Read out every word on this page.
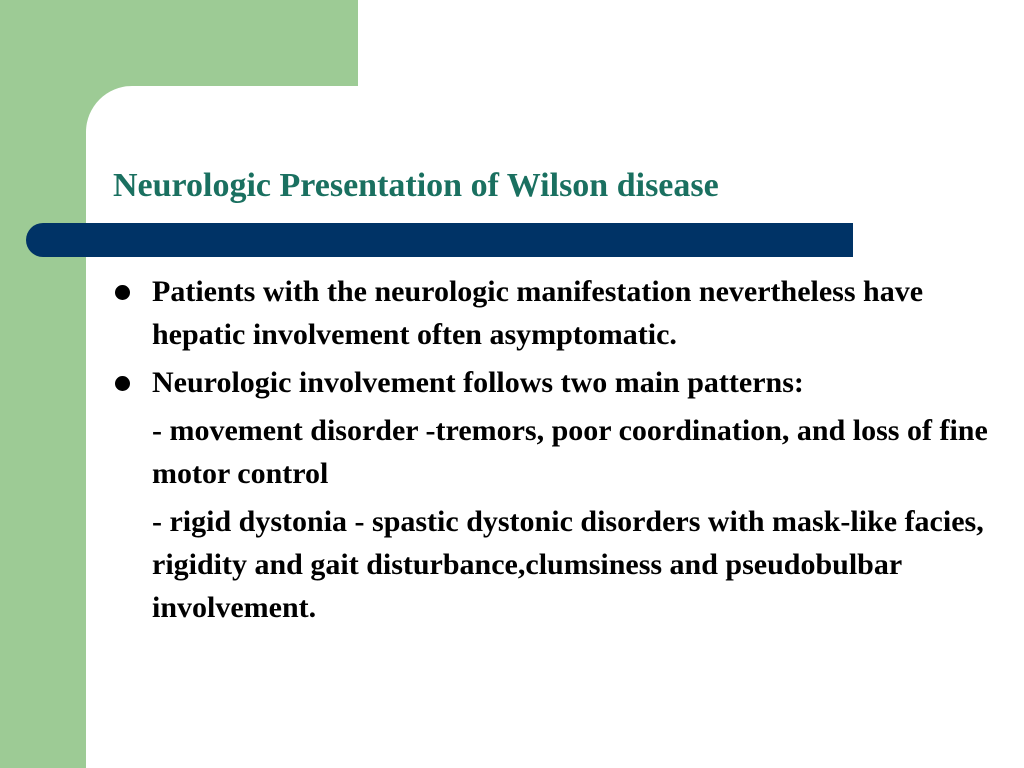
Neurologic Presentation of Wilson disease
Patients with the neurologic manifestation nevertheless have hepatic involvement often asymptomatic.
Neurologic involvement follows two main patterns:
- movement disorder -tremors, poor coordination, and loss of fine motor control
- rigid dystonia - spastic dystonic disorders with mask-like facies, rigidity and gait disturbance,clumsiness and pseudobulbar involvement.
